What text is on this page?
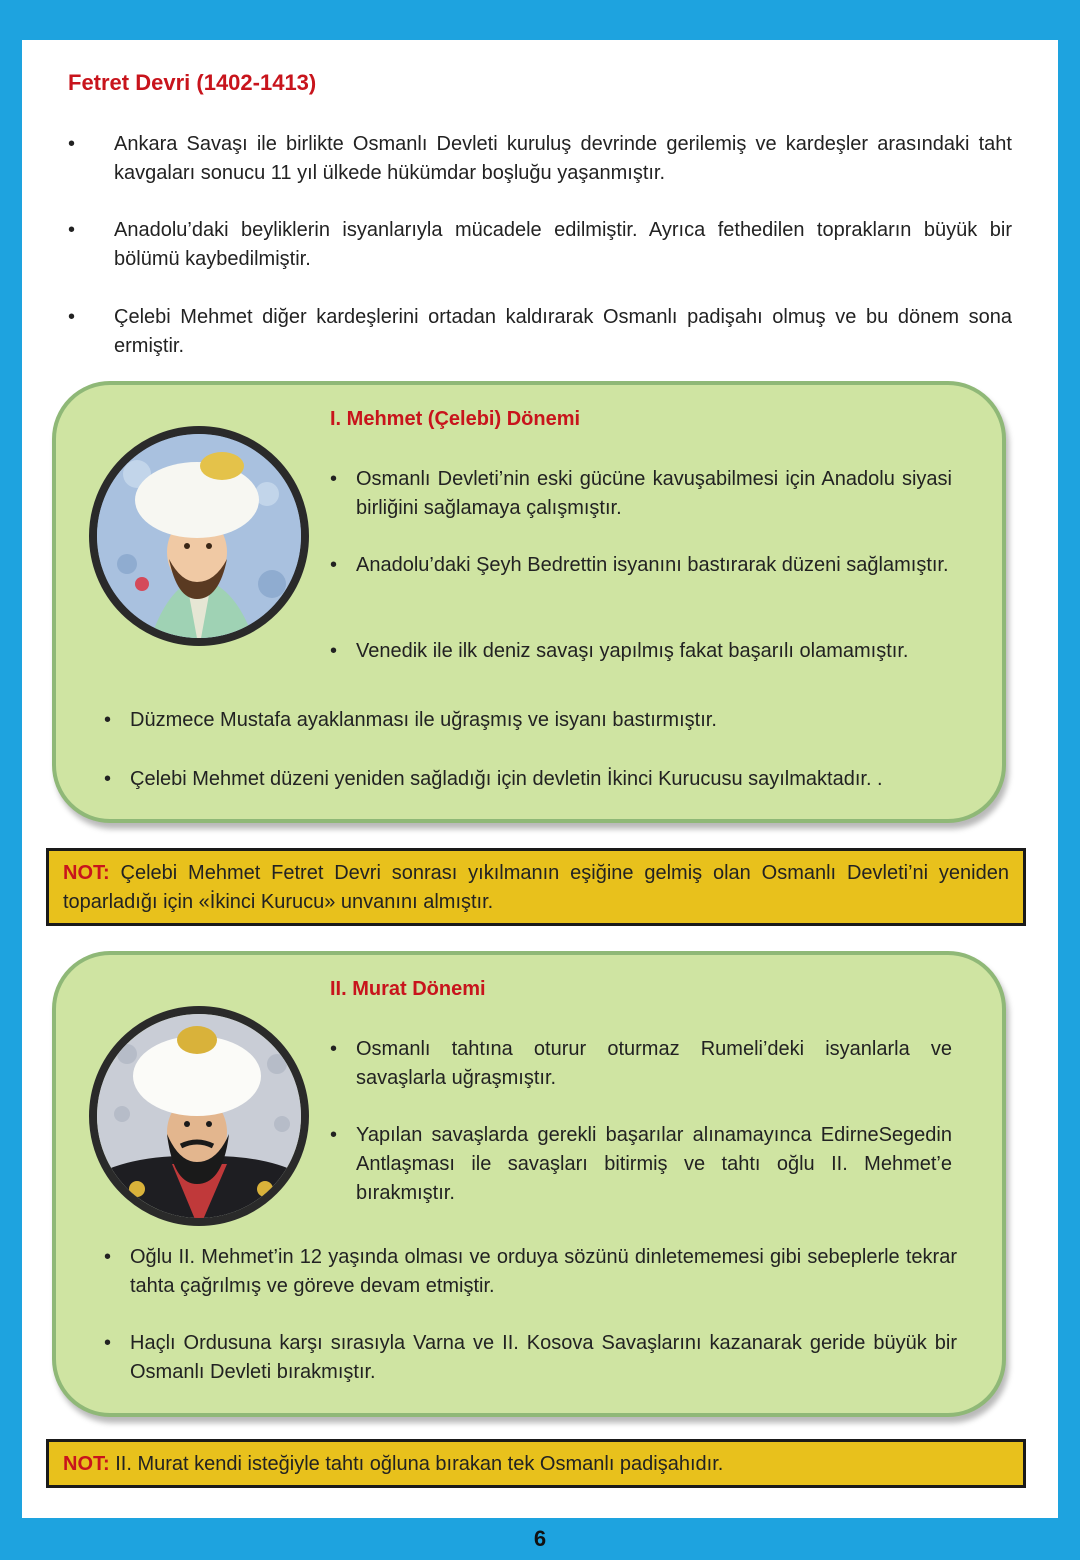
Fetret Devri (1402-1413)
•	Ankara Savaşı ile birlikte Osmanlı Devleti kuruluş devrinde gerilemiş ve kardeşler arasındaki taht kavgaları sonucu 11 yıl ülkede hükümdar boşluğu yaşanmıştır.
•	Anadolu’daki beyliklerin isyanlarıyla mücadele edilmiştir. Ayrıca fethedilen toprakların büyük bir bölümü kaybedilmiştir.
•	Çelebi Mehmet diğer kardeşlerini ortadan kaldırarak Osmanlı padişahı olmuş ve bu dönem sona ermiştir.
I. Mehmet (Çelebi) Dönemi
• Osmanlı Devleti’nin eski gücüne kavuşabilmesi için Anadolu siyasi birliğini sağlamaya çalışmıştır.
• Anadolu’daki Şeyh Bedrettin isyanını bastırarak düzeni sağlamıştır.
• Venedik ile ilk deniz savaşı yapılmış fakat başarılı olamamıştır.
• Düzmece Mustafa ayaklanması ile uğraşmış ve isyanı bastırmıştır.
• Çelebi Mehmet düzeni yeniden sağladığı için devletin İkinci Kurucusu sayılmaktadır. .
NOT: Çelebi Mehmet Fetret Devri sonrası yıkılmanın eşiğine gelmiş olan Osmanlı Devleti’ni yeniden toparladığı için «İkinci Kurucu» unvanını almıştır.
II. Murat Dönemi
• Osmanlı tahtına oturur oturmaz Rumeli’deki isyanlarla ve savaşlarla uğraşmıştır.
• Yapılan savaşlarda gerekli başarılar alınamayınca EdirneSegedin Antlaşması ile savaşları bitirmiş ve tahtı oğlu II. Mehmet’e bırakmıştır.
• Oğlu II. Mehmet’in 12 yaşında olması ve orduya sözünü dinletememesi gibi sebeplerle tekrar tahta çağrılmış ve göreve devam etmiştir.
• Haçlı Ordusuna karşı sırasıyla Varna ve II. Kosova Savaşlarını kazanarak geride büyük bir Osmanlı Devleti bırakmıştır.
NOT: II. Murat kendi isteğiyle tahtı oğluna bırakan tek Osmanlı padişahıdır.
6
